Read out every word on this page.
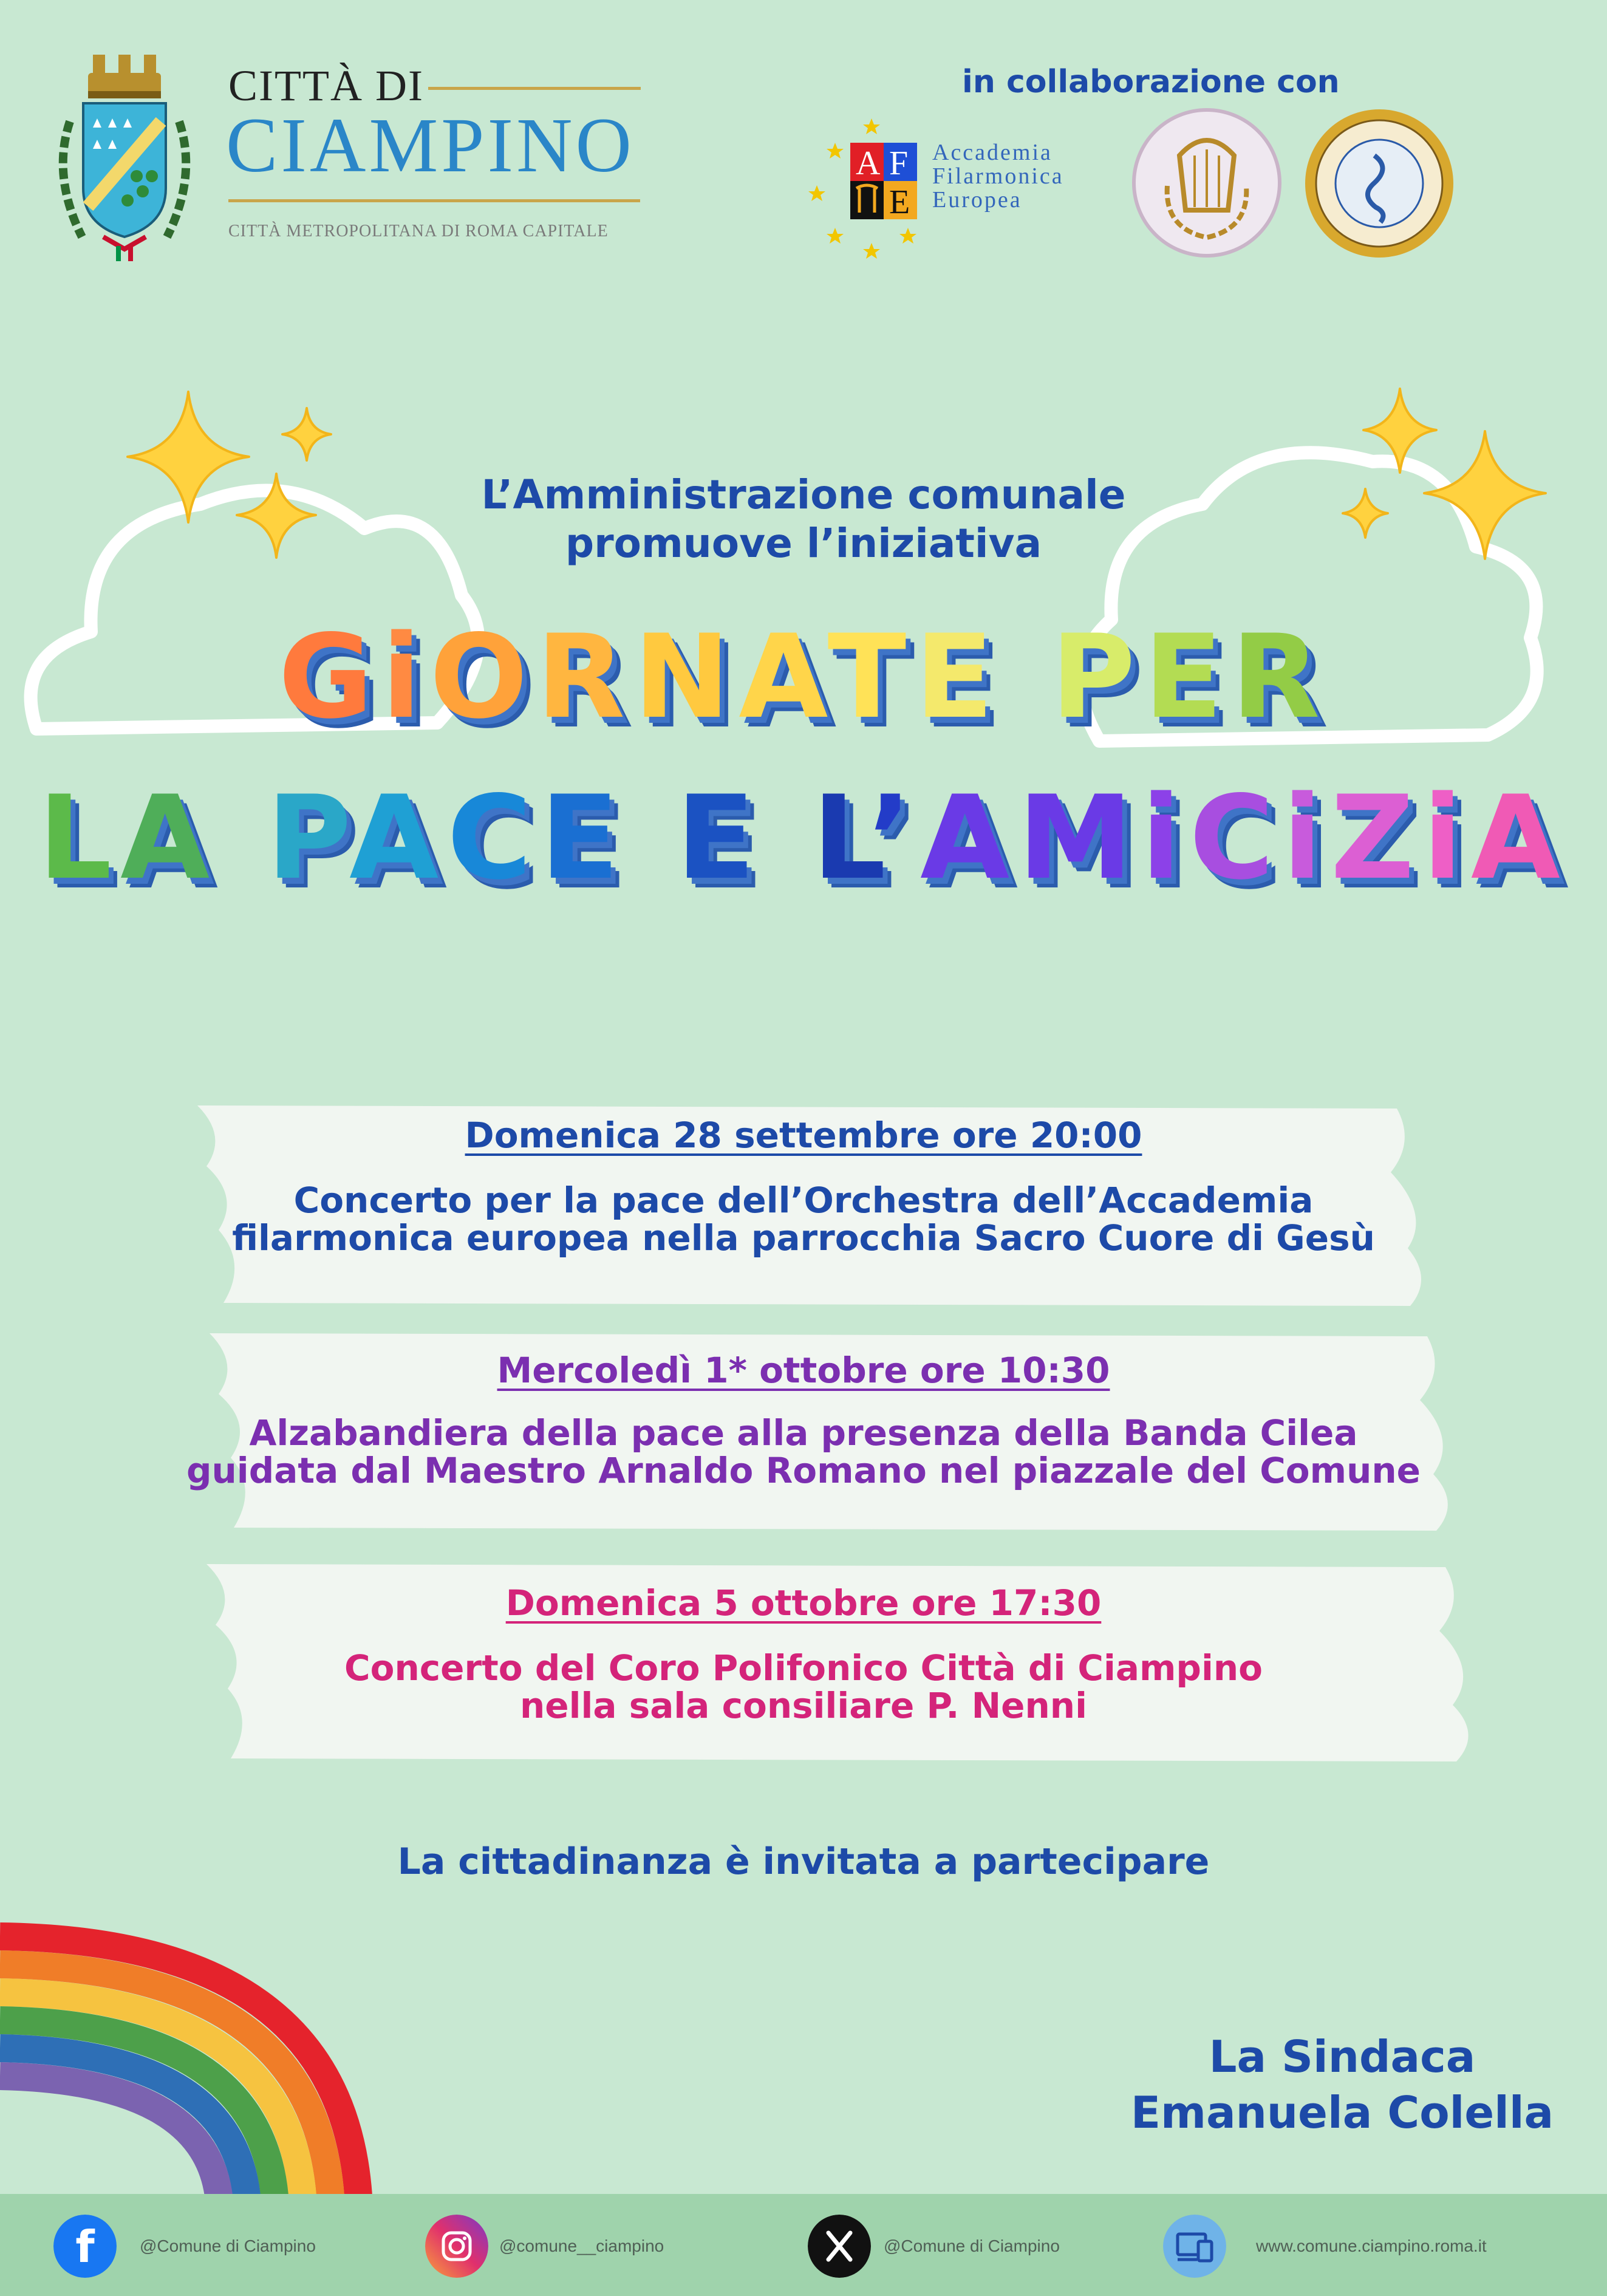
CITTÀ DI
CIAMPINO
CITTÀ METROPOLITANA DI ROMA CAPITALE
in collaborazione con
A F
E
Accademia
Filarmonica
Europea
L’Amministrazione comunale
promuove l’iniziativa
GiORNATE PER
LA PACE E L’AMiCiZiA
Domenica 28 settembre ore 20:00
Concerto per la pace dell’Orchestra dell’Accademia
filarmonica europea nella parrocchia Sacro Cuore di Gesù
Mercoledì 1* ottobre ore 10:30
Alzabandiera della pace alla presenza della Banda Cilea
guidata dal Maestro Arnaldo Romano nel piazzale del Comune
Domenica 5 ottobre ore 17:30
Concerto del Coro Polifonico Città di Ciampino
nella sala consiliare P. Nenni
La cittadinanza è invitata a partecipare
La Sindaca
Emanuela Colella
f	@Comune di Ciampino	@comune__ciampino	@Comune di Ciampino	www.comune.ciampino.roma.it
